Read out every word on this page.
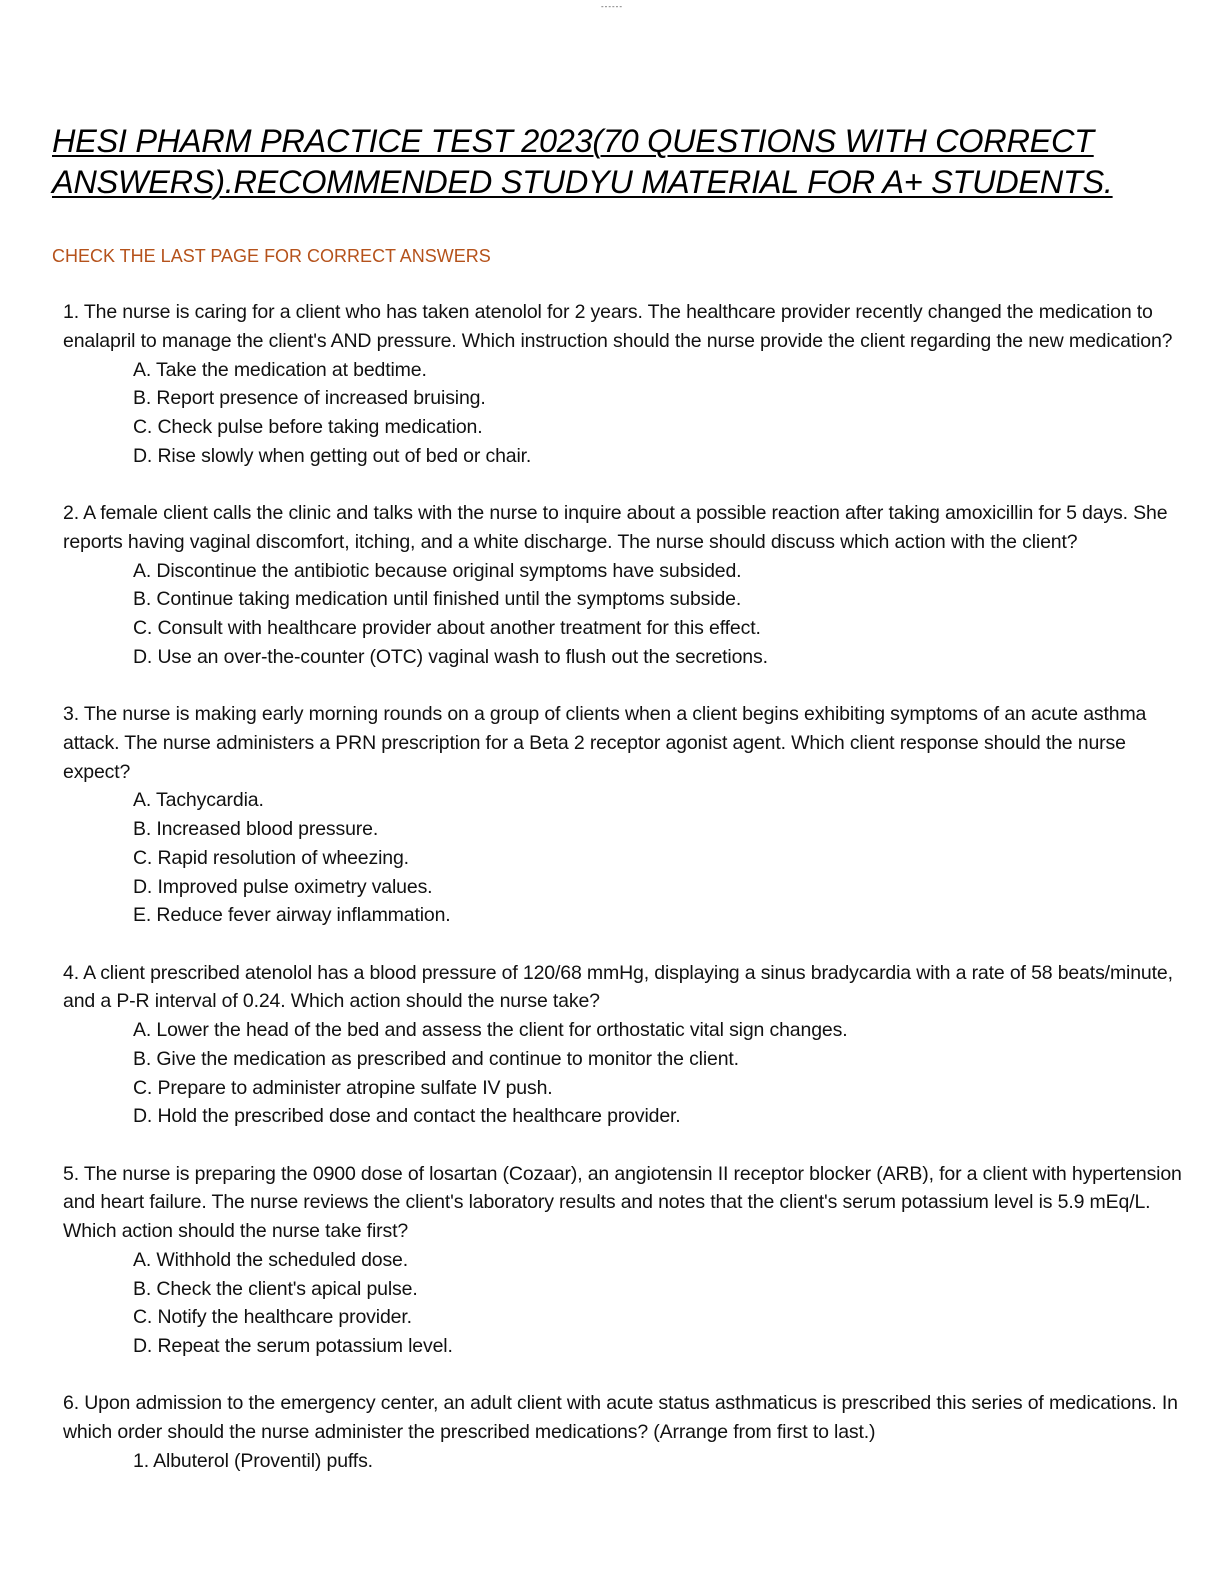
------
HESI PHARM PRACTICE TEST 2023(70 QUESTIONS WITH CORRECT
ANSWERS).RECOMMENDED STUDYU MATERIAL FOR A+ STUDENTS.
CHECK THE LAST PAGE FOR CORRECT ANSWERS

1. The nurse is caring for a client who has taken atenolol for 2 years. The healthcare provider recently changed the medication to enalapril to manage the client's AND pressure. Which instruction should the nurse provide the client regarding the new medication?

A. Take the medication at bedtime.
B. Report presence of increased bruising.
C. Check pulse before taking medication.
D. Rise slowly when getting out of bed or chair.

2. A female client calls the clinic and talks with the nurse to inquire about a possible reaction after taking amoxicillin for 5 days. She reports having vaginal discomfort, itching, and a white discharge. The nurse should discuss which action with the client?

A. Discontinue the antibiotic because original symptoms have subsided.
B. Continue taking medication until finished until the symptoms subside.
C. Consult with healthcare provider about another treatment for this effect.
D. Use an over-the-counter (OTC) vaginal wash to flush out the secretions.

3. The nurse is making early morning rounds on a group of clients when a client begins exhibiting symptoms of an acute asthma attack. The nurse administers a PRN prescription for a Beta 2 receptor agonist agent. Which client response should the nurse expect?

A. Tachycardia.
B. Increased blood pressure.
C. Rapid resolution of wheezing.
D. Improved pulse oximetry values.
E. Reduce fever airway inflammation.

4. A client prescribed atenolol has a blood pressure of 120/68 mmHg, displaying a sinus bradycardia with a rate of 58 beats/minute, and a P-R interval of 0.24. Which action should the nurse take?

A. Lower the head of the bed and assess the client for orthostatic vital sign changes.
B. Give the medication as prescribed and continue to monitor the client.
C. Prepare to administer atropine sulfate IV push.
D. Hold the prescribed dose and contact the healthcare provider.

5. The nurse is preparing the 0900 dose of losartan (Cozaar), an angiotensin II receptor blocker (ARB), for a client with hypertension and heart failure. The nurse reviews the client's laboratory results and notes that the client's serum potassium level is 5.9 mEq/L. Which action should the nurse take first?

A. Withhold the scheduled dose.
B. Check the client's apical pulse.
C. Notify the healthcare provider.
D. Repeat the serum potassium level.

6. Upon admission to the emergency center, an adult client with acute status asthmaticus is prescribed this series of medications. In which order should the nurse administer the prescribed medications? (Arrange from first to last.)

1. Albuterol (Proventil) puffs.
